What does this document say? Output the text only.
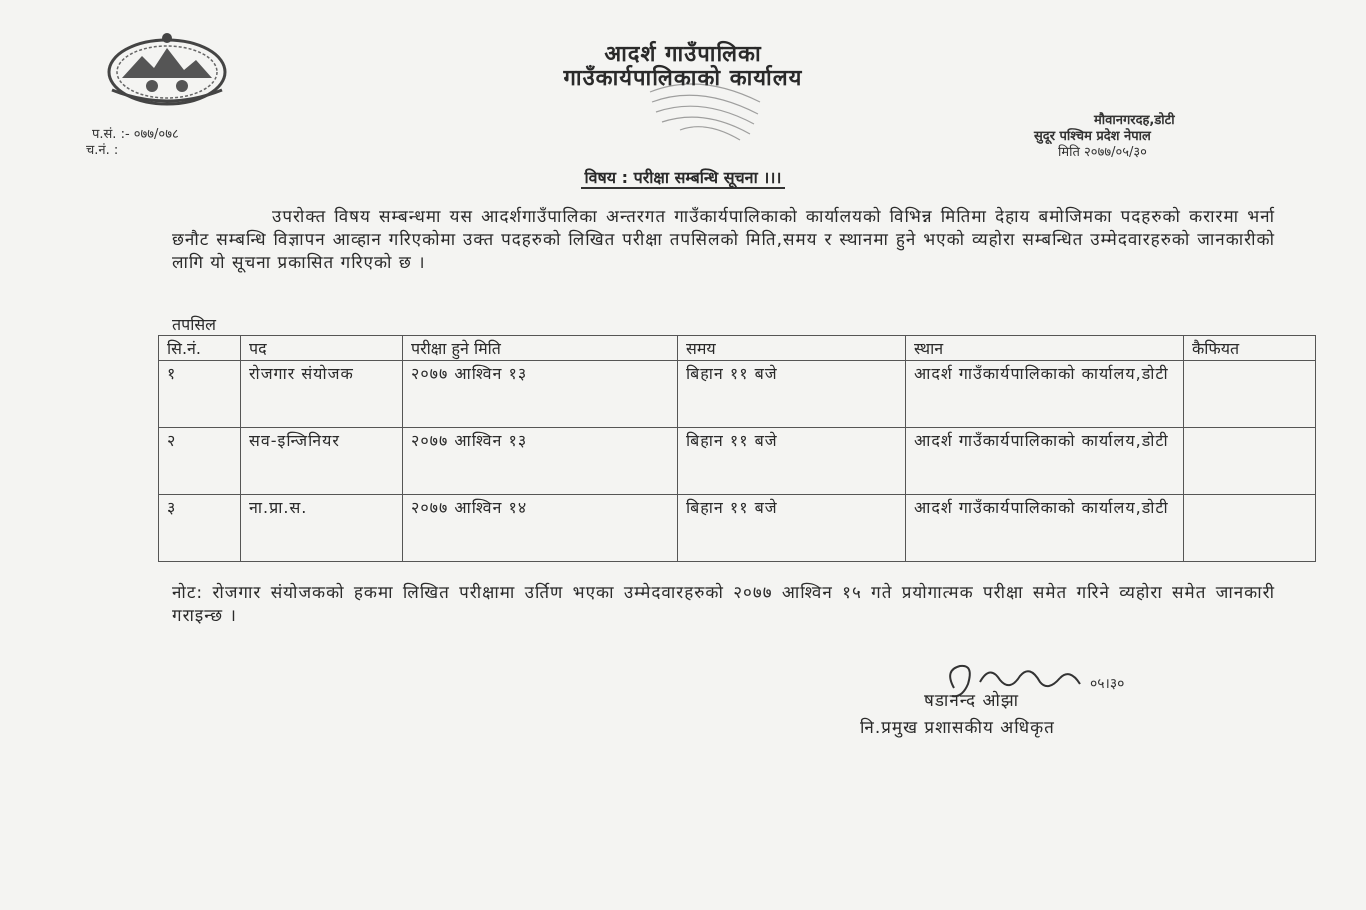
आदर्श गाउँपालिका
गाउँकार्यपालिकाको कार्यालय
प.सं. :- ०७७/०७८
च.नं. :
मौवानगरदह,डोटी
सुदूर पश्चिम प्रदेश नेपाल
मिति २०७७/०५/३०
विषय : परीक्षा सम्बन्धि सूचना ।।।

उपरोक्त विषय सम्बन्धमा यस आदर्शगाउँपालिका अन्तरगत गाउँकार्यपालिकाको कार्यालयको विभिन्न मितिमा देहाय बमोजिमका पदहरुको करारमा भर्ना छनौट सम्बन्धि विज्ञापन आव्हान गरिएकोमा उक्त पदहरुको लिखित परीक्षा तपसिलको मिति,समय र स्थानमा हुने भएको व्यहोरा सम्बन्धित उम्मेदवारहरुको जानकारीको लागि यो सूचना प्रकासित गरिएको छ ।

तपसिल
सि.नं.	पद	परीक्षा हुने मिति	समय	स्थान	कैफियत
१	रोजगार संयोजक	२०७७ आश्विन १३	बिहान ११ बजे	आदर्श गाउँकार्यपालिकाको कार्यालय,डोटी	
२	सव-इन्जिनियर	२०७७ आश्विन १३	बिहान ११ बजे	आदर्श गाउँकार्यपालिकाको कार्यालय,डोटी	
३	ना.प्रा.स.	२०७७ आश्विन १४	बिहान ११ बजे	आदर्श गाउँकार्यपालिकाको कार्यालय,डोटी	
नोट: रोजगार संयोजकको हकमा लिखित परीक्षामा उर्तिण भएका उम्मेदवारहरुको २०७७ आश्विन १५ गते प्रयोगात्मक परीक्षा समेत गरिने व्यहोरा समेत जानकारी गराइन्छ ।
०५।३०
षडानन्द ओझा
नि.प्रमुख प्रशासकीय अधिकृत
